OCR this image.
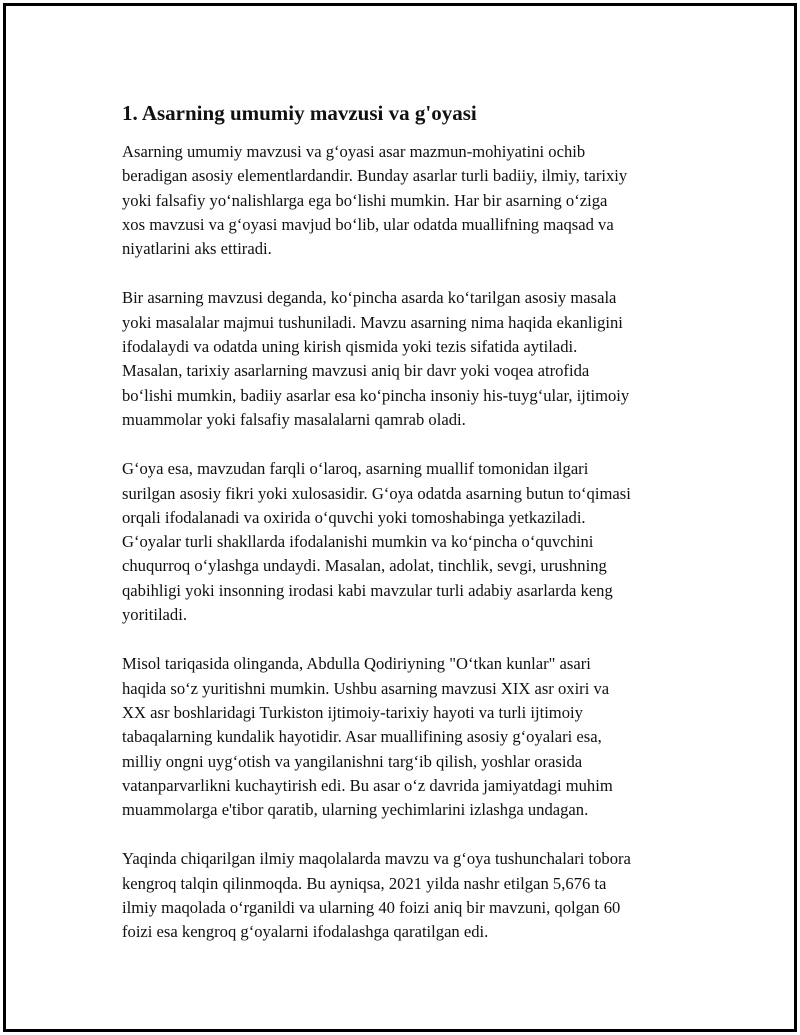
1. Asarning umumiy mavzusi va g'oyasi

Asarning umumiy mavzusi va g‘oyasi asar mazmun-mohiyatini ochib
beradigan asosiy elementlardandir. Bunday asarlar turli badiiy, ilmiy, tarixiy
yoki falsafiy yo‘nalishlarga ega bo‘lishi mumkin. Har bir asarning o‘ziga
xos mavzusi va g‘oyasi mavjud bo‘lib, ular odatda muallifning maqsad va
niyatlarini aks ettiradi.

Bir asarning mavzusi deganda, ko‘pincha asarda ko‘tarilgan asosiy masala
yoki masalalar majmui tushuniladi. Mavzu asarning nima haqida ekanligini
ifodalaydi va odatda uning kirish qismida yoki tezis sifatida aytiladi.
Masalan, tarixiy asarlarning mavzusi aniq bir davr yoki voqea atrofida
bo‘lishi mumkin, badiiy asarlar esa ko‘pincha insoniy his-tuyg‘ular, ijtimoiy
muammolar yoki falsafiy masalalarni qamrab oladi.

G‘oya esa, mavzudan farqli o‘laroq, asarning muallif tomonidan ilgari
surilgan asosiy fikri yoki xulosasidir. G‘oya odatda asarning butun to‘qimasi
orqali ifodalanadi va oxirida o‘quvchi yoki tomoshabinga yetkaziladi.
G‘oyalar turli shakllarda ifodalanishi mumkin va ko‘pincha o‘quvchini
chuqurroq o‘ylashga undaydi. Masalan, adolat, tinchlik, sevgi, urushning
qabihligi yoki insonning irodasi kabi mavzular turli adabiy asarlarda keng
yoritiladi.

Misol tariqasida olinganda, Abdulla Qodiriyning "O‘tkan kunlar" asari
haqida so‘z yuritishni mumkin. Ushbu asarning mavzusi XIX asr oxiri va
XX asr boshlaridagi Turkiston ijtimoiy-tarixiy hayoti va turli ijtimoiy
tabaqalarning kundalik hayotidir. Asar muallifining asosiy g‘oyalari esa,
milliy ongni uyg‘otish va yangilanishni targ‘ib qilish, yoshlar orasida
vatanparvarlikni kuchaytirish edi. Bu asar o‘z davrida jamiyatdagi muhim
muammolarga e'tibor qaratib, ularning yechimlarini izlashga undagan.

Yaqinda chiqarilgan ilmiy maqolalarda mavzu va g‘oya tushunchalari tobora
kengroq talqin qilinmoqda. Bu ayniqsa, 2021 yilda nashr etilgan 5,676 ta
ilmiy maqolada o‘rganildi va ularning 40 foizi aniq bir mavzuni, qolgan 60
foizi esa kengroq g‘oyalarni ifodalashga qaratilgan edi.
